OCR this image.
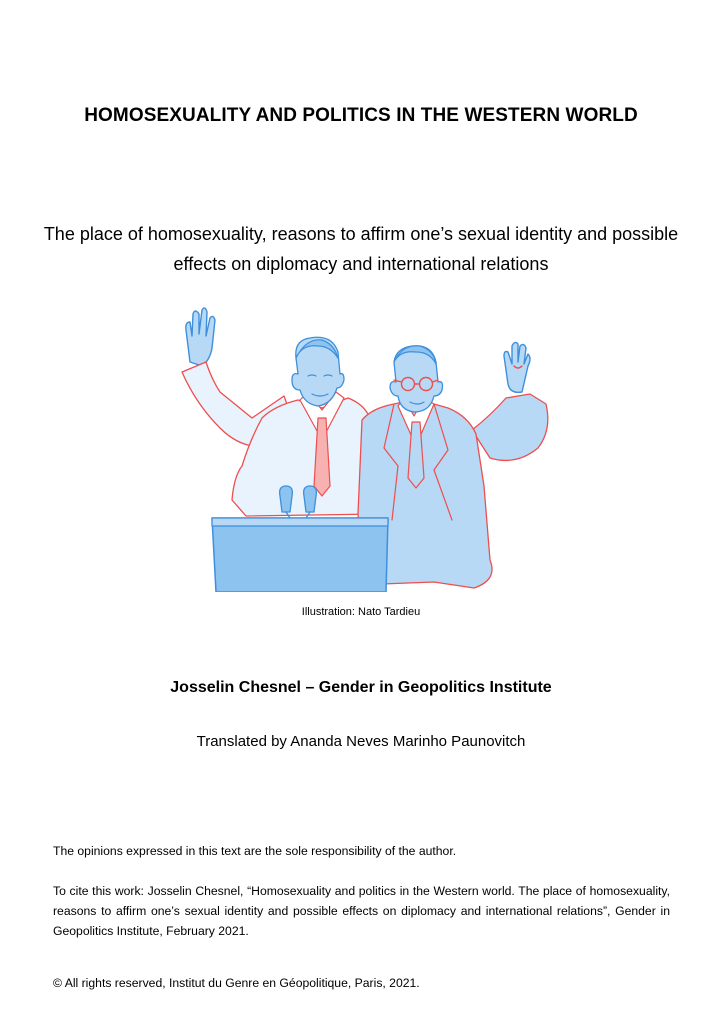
HOMOSEXUALITY AND POLITICS IN THE WESTERN WORLD
The place of homosexuality, reasons to affirm one’s sexual identity and possible effects on diplomacy and international relations
Illustration: Nato Tardieu
Josselin Chesnel – Gender in Geopolitics Institute
Translated by Ananda Neves Marinho Paunovitch
The opinions expressed in this text are the sole responsibility of the author.
To cite this work: Josselin Chesnel, “Homosexuality and politics in the Western world. The place of homosexuality, reasons to affirm one’s sexual identity and possible effects on diplomacy and international relations”, Gender in Geopolitics Institute, February 2021.
© All rights reserved, Institut du Genre en Géopolitique, Paris, 2021.
